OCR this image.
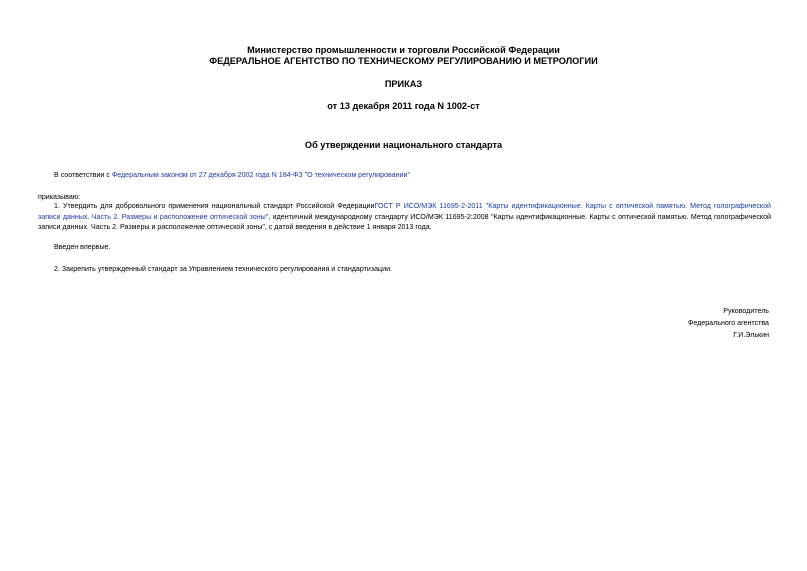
Министерство промышленности и торговли Российской Федерации
ФЕДЕРАЛЬНОЕ АГЕНТСТВО ПО ТЕХНИЧЕСКОМУ РЕГУЛИРОВАНИЮ И МЕТРОЛОГИИ
ПРИКАЗ
от 13 декабря 2011 года N 1002-ст
Об утверждении национального стандарта
В соответствии с Федеральным законом от 27 декабря 2002 года N 184-ФЗ "О техническом регулировании"
приказываю:
1. Утвердить для добровольного применения национальный стандарт Российской ФедерацииГОСТ Р ИСО/МЭК 11695-2-2011 "Карты идентификационные. Карты с оптической памятью. Метод голографической записи данных. Часть 2. Размеры и расположение оптической зоны", идентичный международному стандарту ИСО/МЭК 11695-2:2008 "Карты идентификационные. Карты с оптической памятью. Метод голографической записи данных. Часть 2. Размеры и расположение оптической зоны", с датой введения в действие 1 января 2013 года.
Введен впервые.
2. Закрепить утвержденный стандарт за Управлением технического регулирования и стандартизации.
Руководитель
Федерального агентства
Г.И.Элькин
